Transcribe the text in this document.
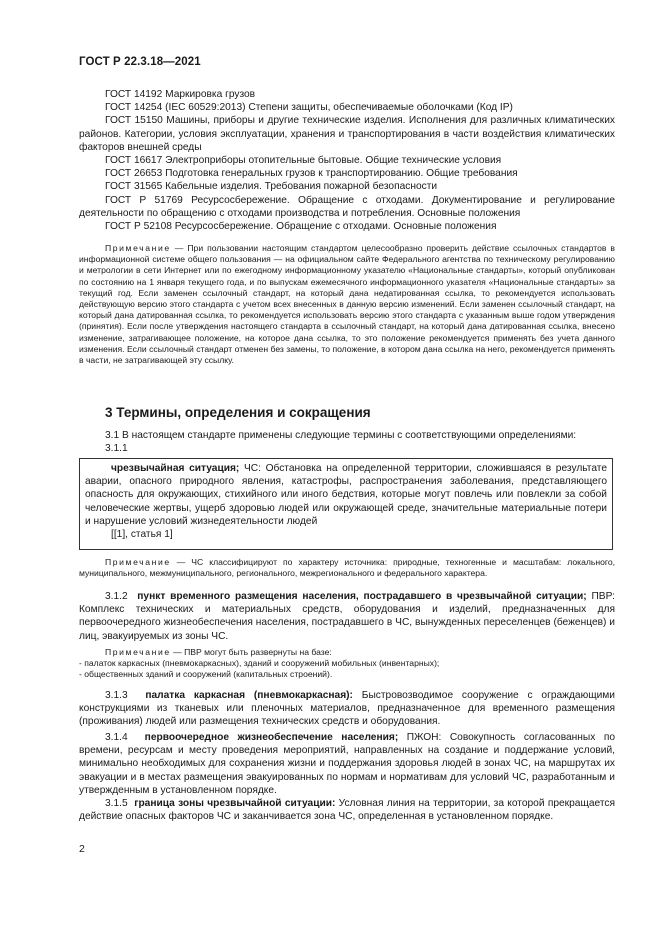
ГОСТ Р 22.3.18—2021

ГОСТ 14192 Маркировка грузов

ГОСТ 14254 (IEC 60529:2013) Степени защиты, обеспечиваемые оболочками (Код IP)

ГОСТ 15150 Машины, приборы и другие технические изделия. Исполнения для различных климатических районов. Категории, условия эксплуатации, хранения и транспортирования в части воздействия климатических факторов внешней среды

ГОСТ 16617 Электроприборы отопительные бытовые. Общие технические условия

ГОСТ 26653 Подготовка генеральных грузов к транспортированию. Общие требования

ГОСТ 31565 Кабельные изделия. Требования пожарной безопасности

ГОСТ Р 51769 Ресурсосбережение. Обращение с отходами. Документирование и регулирование деятельности по обращению с отходами производства и потребления. Основные положения

ГОСТ Р 52108 Ресурсосбережение. Обращение с отходами. Основные положения

Примечание — При пользовании настоящим стандартом целесообразно проверить действие ссылочных стандартов в информационной системе общего пользования — на официальном сайте Федерального агентства по техническому регулированию и метрологии в сети Интернет или по ежегодному информационному указателю «Национальные стандарты», который опубликован по состоянию на 1 января текущего года, и по выпускам ежемесячного информационного указателя «Национальные стандарты» за текущий год. Если заменен ссылочный стандарт, на который дана недатированная ссылка, то рекомендуется использовать действующую версию этого стандарта с учетом всех внесенных в данную версию изменений. Если заменен ссылочный стандарт, на который дана датированная ссылка, то рекомендуется использовать версию этого стандарта с указанным выше годом утверждения (принятия). Если после утверждения настоящего стандарта в ссылочный стандарт, на который дана датированная ссылка, внесено изменение, затрагивающее положение, на которое дана ссылка, то это положение рекомендуется применять без учета данного изменения. Если ссылочный стандарт отменен без замены, то положение, в котором дана ссылка на него, рекомендуется применять в части, не затрагивающей эту ссылку.

3 Термины, определения и сокращения

3.1 В настоящем стандарте применены следующие термины с соответствующими определениями:

3.1.1

чрезвычайная ситуация; ЧС: Обстановка на определенной территории, сложившаяся в результате аварии, опасного природного явления, катастрофы, распространения заболевания, представляющего опасность для окружающих, стихийного или иного бедствия, которые могут повлечь или повлекли за собой человеческие жертвы, ущерб здоровью людей или окружающей среде, значительные материальные потери и нарушение условий жизнедеятельности людей

[[1], статья 1]

Примечание — ЧС классифицируют по характеру источника: природные, техногенные и масштабам: локального, муниципального, межмуниципального, регионального, межрегионального и федерального характера.

3.1.2 пункт временного размещения населения, пострадавшего в чрезвычайной ситуации; ПВР: Комплекс технических и материальных средств, оборудования и изделий, предназначенных для первоочередного жизнеобеспечения населения, пострадавшего в ЧС, вынужденных переселенцев (беженцев) и лиц, эвакуируемых из зоны ЧС.

Примечание — ПВР могут быть развернуты на базе:

- палаток каркасных (пневмокаркасных), зданий и сооружений мобильных (инвентарных);

- общественных зданий и сооружений (капитальных строений).

3.1.3 палатка каркасная (пневмокаркасная): Быстровозводимое сооружение с ограждающими конструкциями из тканевых или пленочных материалов, предназначенное для временного размещения (проживания) людей или размещения технических средств и оборудования.

3.1.4 первоочередное жизнеобеспечение населения; ПЖОН: Совокупность согласованных по времени, ресурсам и месту проведения мероприятий, направленных на создание и поддержание условий, минимально необходимых для сохранения жизни и поддержания здоровья людей в зонах ЧС, на маршрутах их эвакуации и в местах размещения эвакуированных по нормам и нормативам для условий ЧС, разработанным и утвержденным в установленном порядке.

3.1.5 граница зоны чрезвычайной ситуации: Условная линия на территории, за которой прекращается действие опасных факторов ЧС и заканчивается зона ЧС, определенная в установленном порядке.

2
